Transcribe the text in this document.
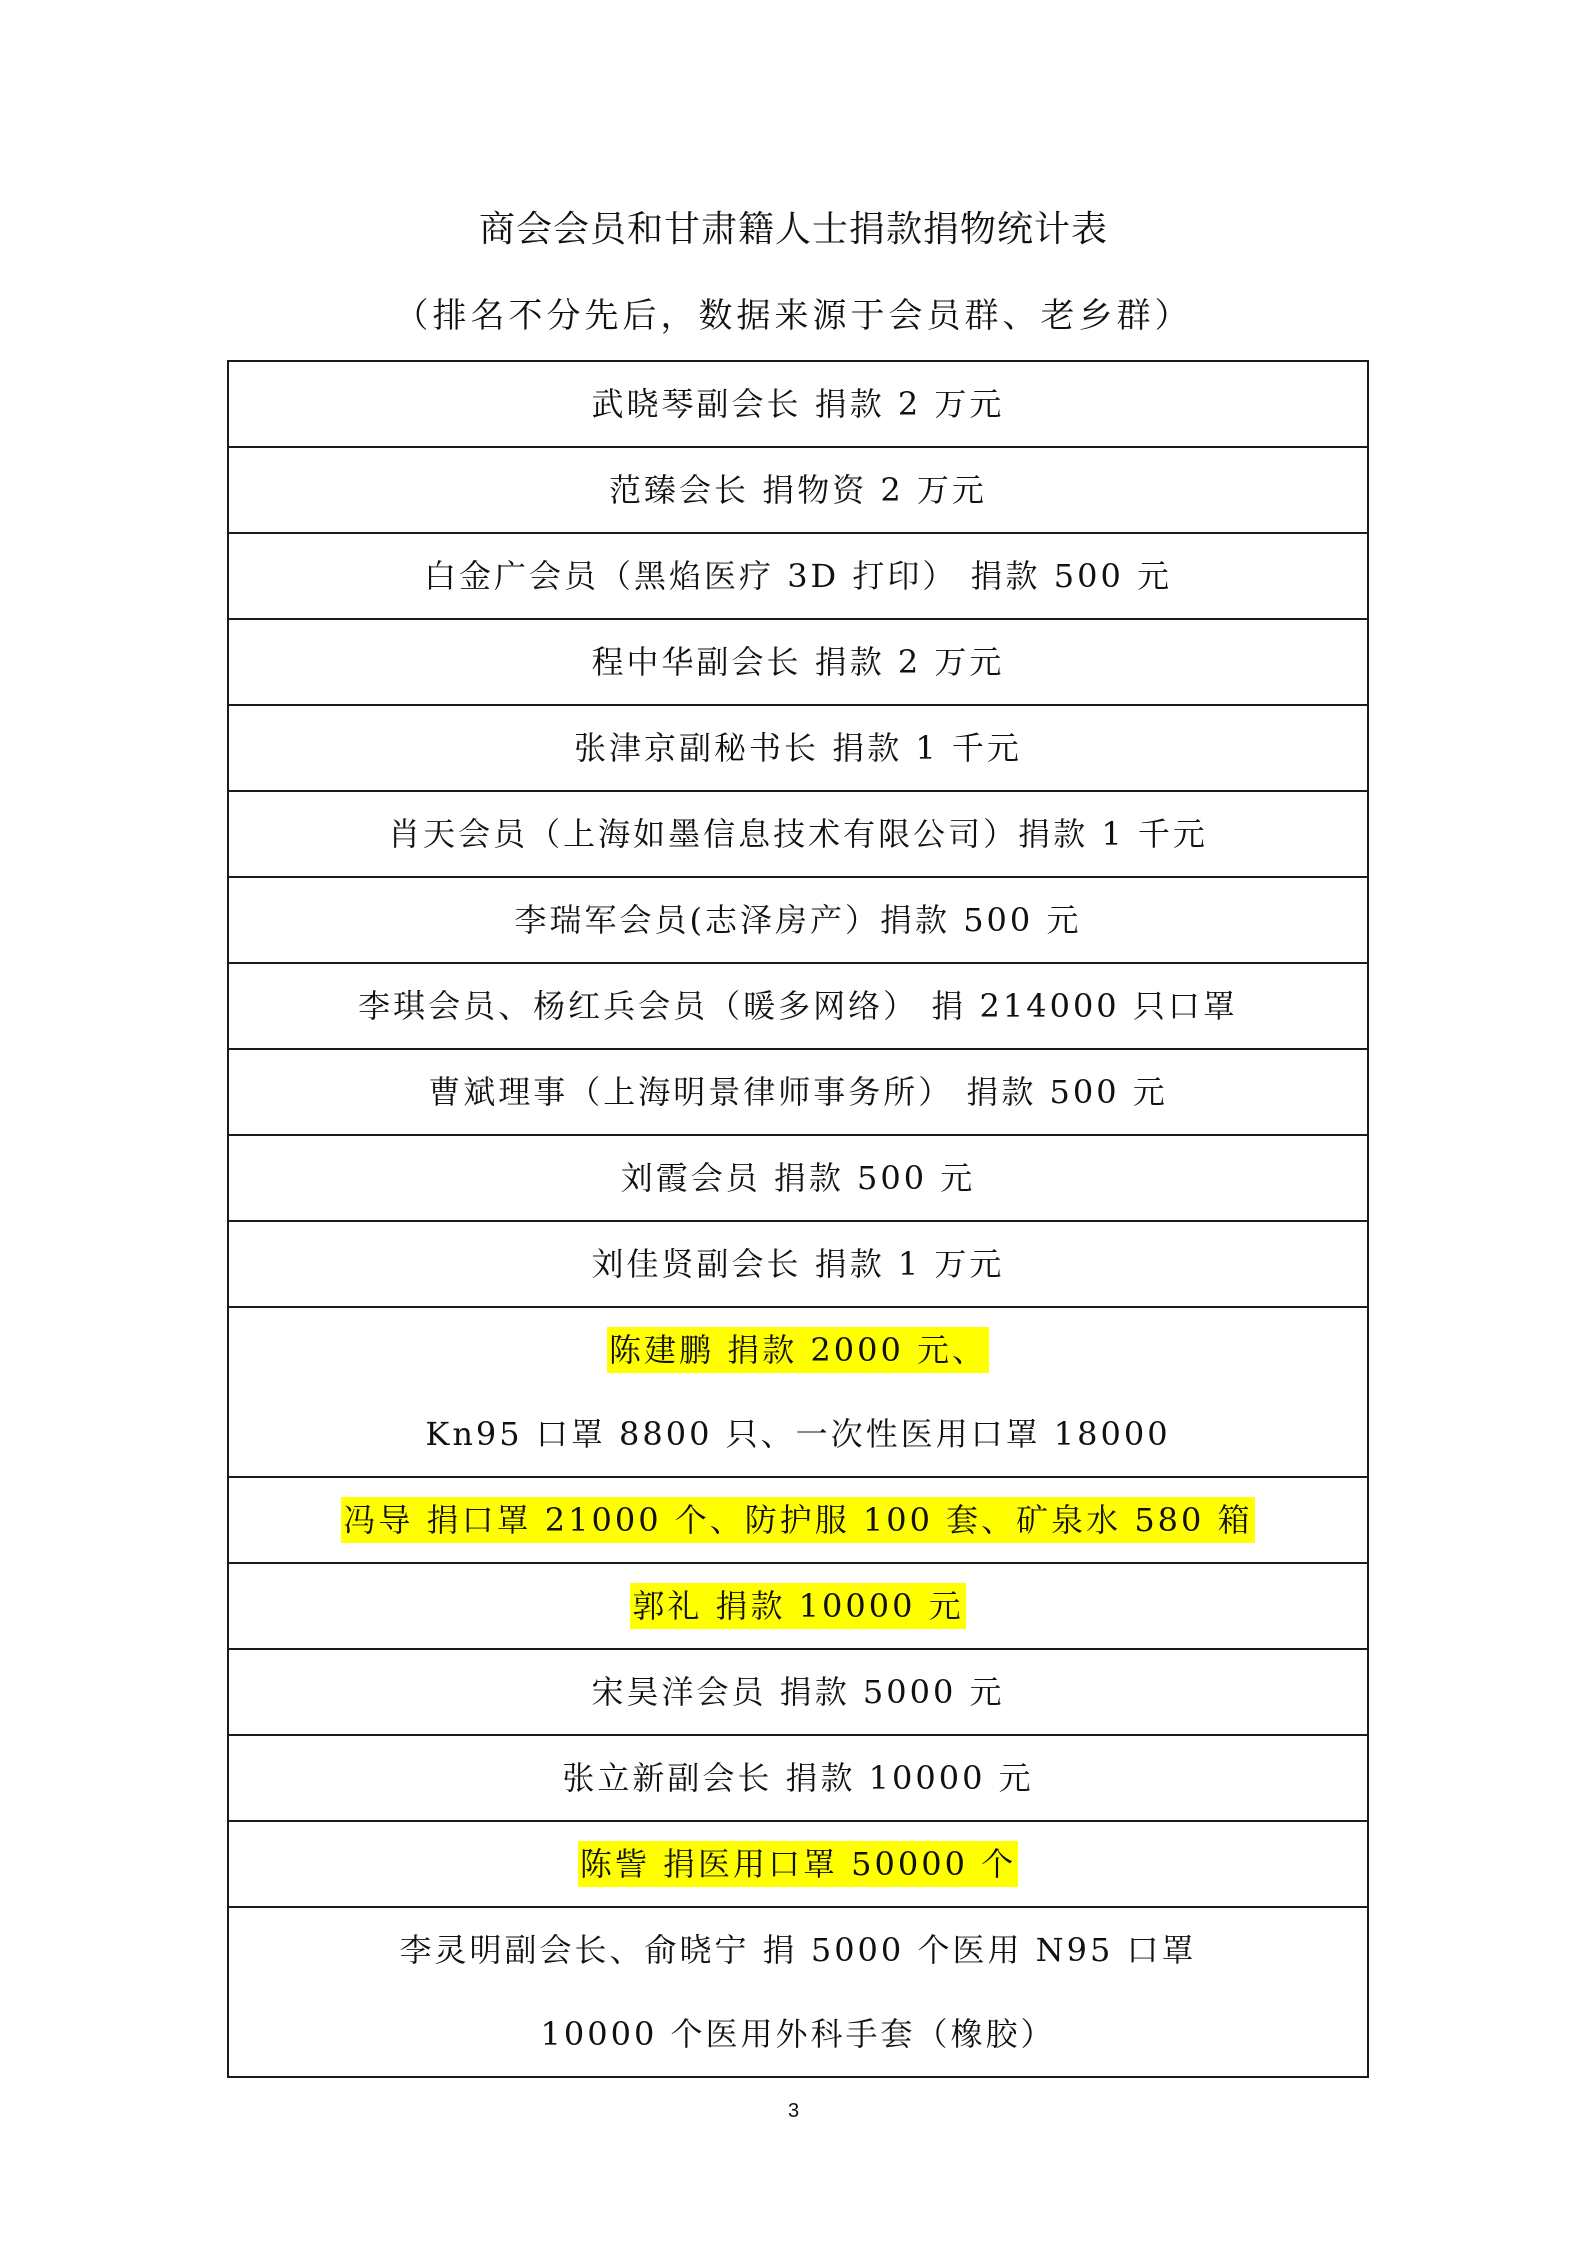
商会会员和甘肃籍人士捐款捐物统计表
（排名不分先后，数据来源于会员群、老乡群）
武晓琴副会长 捐款 2 万元

范臻会长 捐物资 2 万元

白金广会员（黑焰医疗 3D 打印） 捐款 500 元

程中华副会长 捐款 2 万元

张津京副秘书长 捐款 1 千元

肖天会员（上海如墨信息技术有限公司）捐款 1 千元

李瑞军会员(志泽房产）捐款 500 元

李琪会员、杨红兵会员（暖多网络） 捐 214000 只口罩

曹斌理事（上海明景律师事务所） 捐款 500 元

刘霞会员 捐款 500 元

刘佳贤副会长 捐款 1 万元

陈建鹏 捐款 2000 元、
Kn95 口罩 8800 只、一次性医用口罩 18000

冯导 捐口罩 21000 个、防护服 100 套、矿泉水 580 箱

郭礼 捐款 10000 元

宋昊洋会员 捐款 5000 元

张立新副会长 捐款 10000 元

陈訾 捐医用口罩 50000 个

李灵明副会长、俞晓宁 捐 5000 个医用 N95 口罩
10000 个医用外科手套（橡胶）
3
